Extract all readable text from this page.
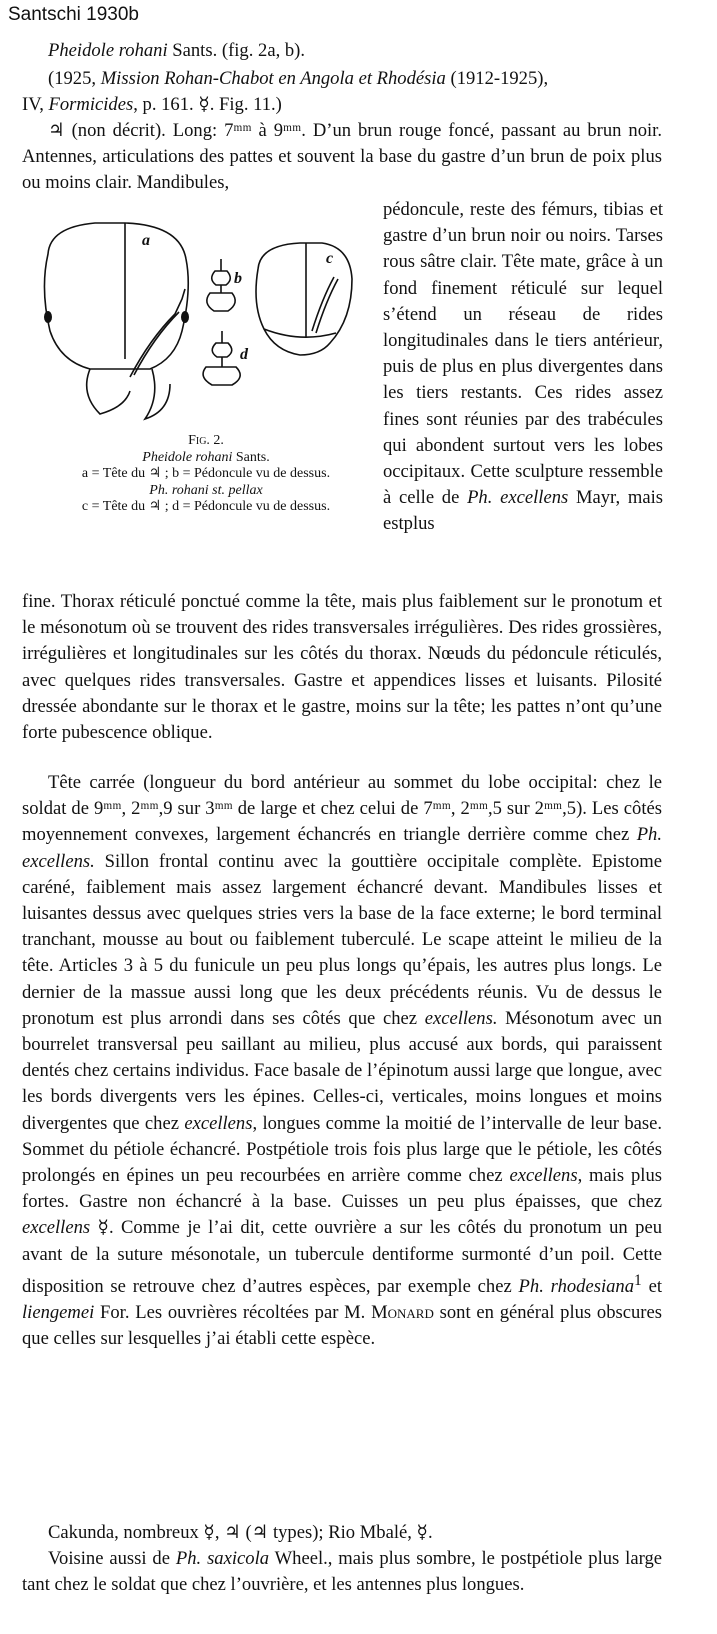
Santschi 1930b
Pheidole rohani Sants. (fig. 2a, b).
(1925, Mission Rohan-Chabot en Angola et Rhodésia (1912-1925),
IV, Formicides, p. 161. ☿. Fig. 11.)
♃ (non décrit). Long: 7ᵐᵐ à 9ᵐᵐ. D’un brun rouge foncé, passant au brun noir. Antennes, articulations des pattes et souvent la base du gastre d’un brun de poix plus ou moins clair. Mandibules,
a
b
c
d
Fig. 2.
Pheidole rohani Sants.
a = Tête du ♃ ; b = Pédoncule vu de dessus.
Ph. rohani st. pellax
c = Tête du ♃ ; d = Pédoncule vu de dessus.
pédoncule, reste des fémurs, tibias et gastre d’un brun noir ou noirs. Tarses rous sâtre clair. Tête mate, grâce à un fond finement réticulé sur lequel s’étend un réseau de rides longitudinales dans le tiers antérieur, puis de plus en plus divergentes dans les tiers restants. Ces rides assez fines sont réunies par des trabécules qui abondent surtout vers les lobes occipitaux. Cette sculpture ressemble à celle de Ph. excellens Mayr, mais estplus
fine. Thorax réticulé ponctué comme la tête, mais plus faiblement sur le pronotum et le mésonotum où se trouvent des rides transversales irrégulières. Des rides grossières, irrégulières et longitudinales sur les côtés du thorax. Nœuds du pédoncule réticulés, avec quelques rides transversales. Gastre et appendices lisses et luisants. Pilosité dressée abondante sur le thorax et le gastre, moins sur la tête; les pattes n’ont qu’une forte pubescence oblique.
Tête carrée (longueur du bord antérieur au sommet du lobe occipital: chez le soldat de 9ᵐᵐ, 2ᵐᵐ,9 sur 3ᵐᵐ de large et chez celui de 7ᵐᵐ, 2ᵐᵐ,5 sur 2ᵐᵐ,5). Les côtés moyennement convexes, largement échancrés en triangle derrière comme chez Ph. excellens. Sillon frontal continu avec la gouttière occipitale complète. Epistome caréné, faiblement mais assez largement échancré devant. Mandibules lisses et luisantes dessus avec quelques stries vers la base de la face externe; le bord terminal tranchant, mousse au bout ou faiblement tuberculé. Le scape atteint le milieu de la tête. Articles 3 à 5 du funicule un peu plus longs qu’épais, les autres plus longs. Le dernier de la massue aussi long que les deux précédents réunis. Vu de dessus le pronotum est plus arrondi dans ses côtés que chez excellens. Mésonotum avec un bourrelet transversal peu saillant au milieu, plus accusé aux bords, qui paraissent dentés chez certains individus. Face basale de l’épinotum aussi large que longue, avec les bords divergents vers les épines. Celles-ci, verticales, moins longues et moins divergentes que chez excellens, longues comme la moitié de l’intervalle de leur base. Sommet du pétiole échancré. Postpétiole trois fois plus large que le pétiole, les côtés prolongés en épines un peu recourbées en arrière comme chez excellens, mais plus fortes. Gastre non échancré à la base. Cuisses un peu plus épaisses, que chez excellens ☿. Comme je l’ai dit, cette ouvrière a sur les côtés du pronotum un peu avant de la suture mésonotale, un tubercule dentiforme surmonté d’un poil. Cette disposition se retrouve chez d’autres espèces, par exemple chez Ph. rhodesiana$^1$ et liengemei For. Les ouvrières récoltées par M. Monard sont en général plus obscures que celles sur lesquelles j’ai établi cette espèce.
Cakunda, nombreux ☿, ♃ (♃ types); Rio Mbalé, ☿.
Voisine aussi de Ph. saxicola Wheel., mais plus sombre, le postpétiole plus large tant chez le soldat que chez l’ouvrière, et les antennes plus longues.
